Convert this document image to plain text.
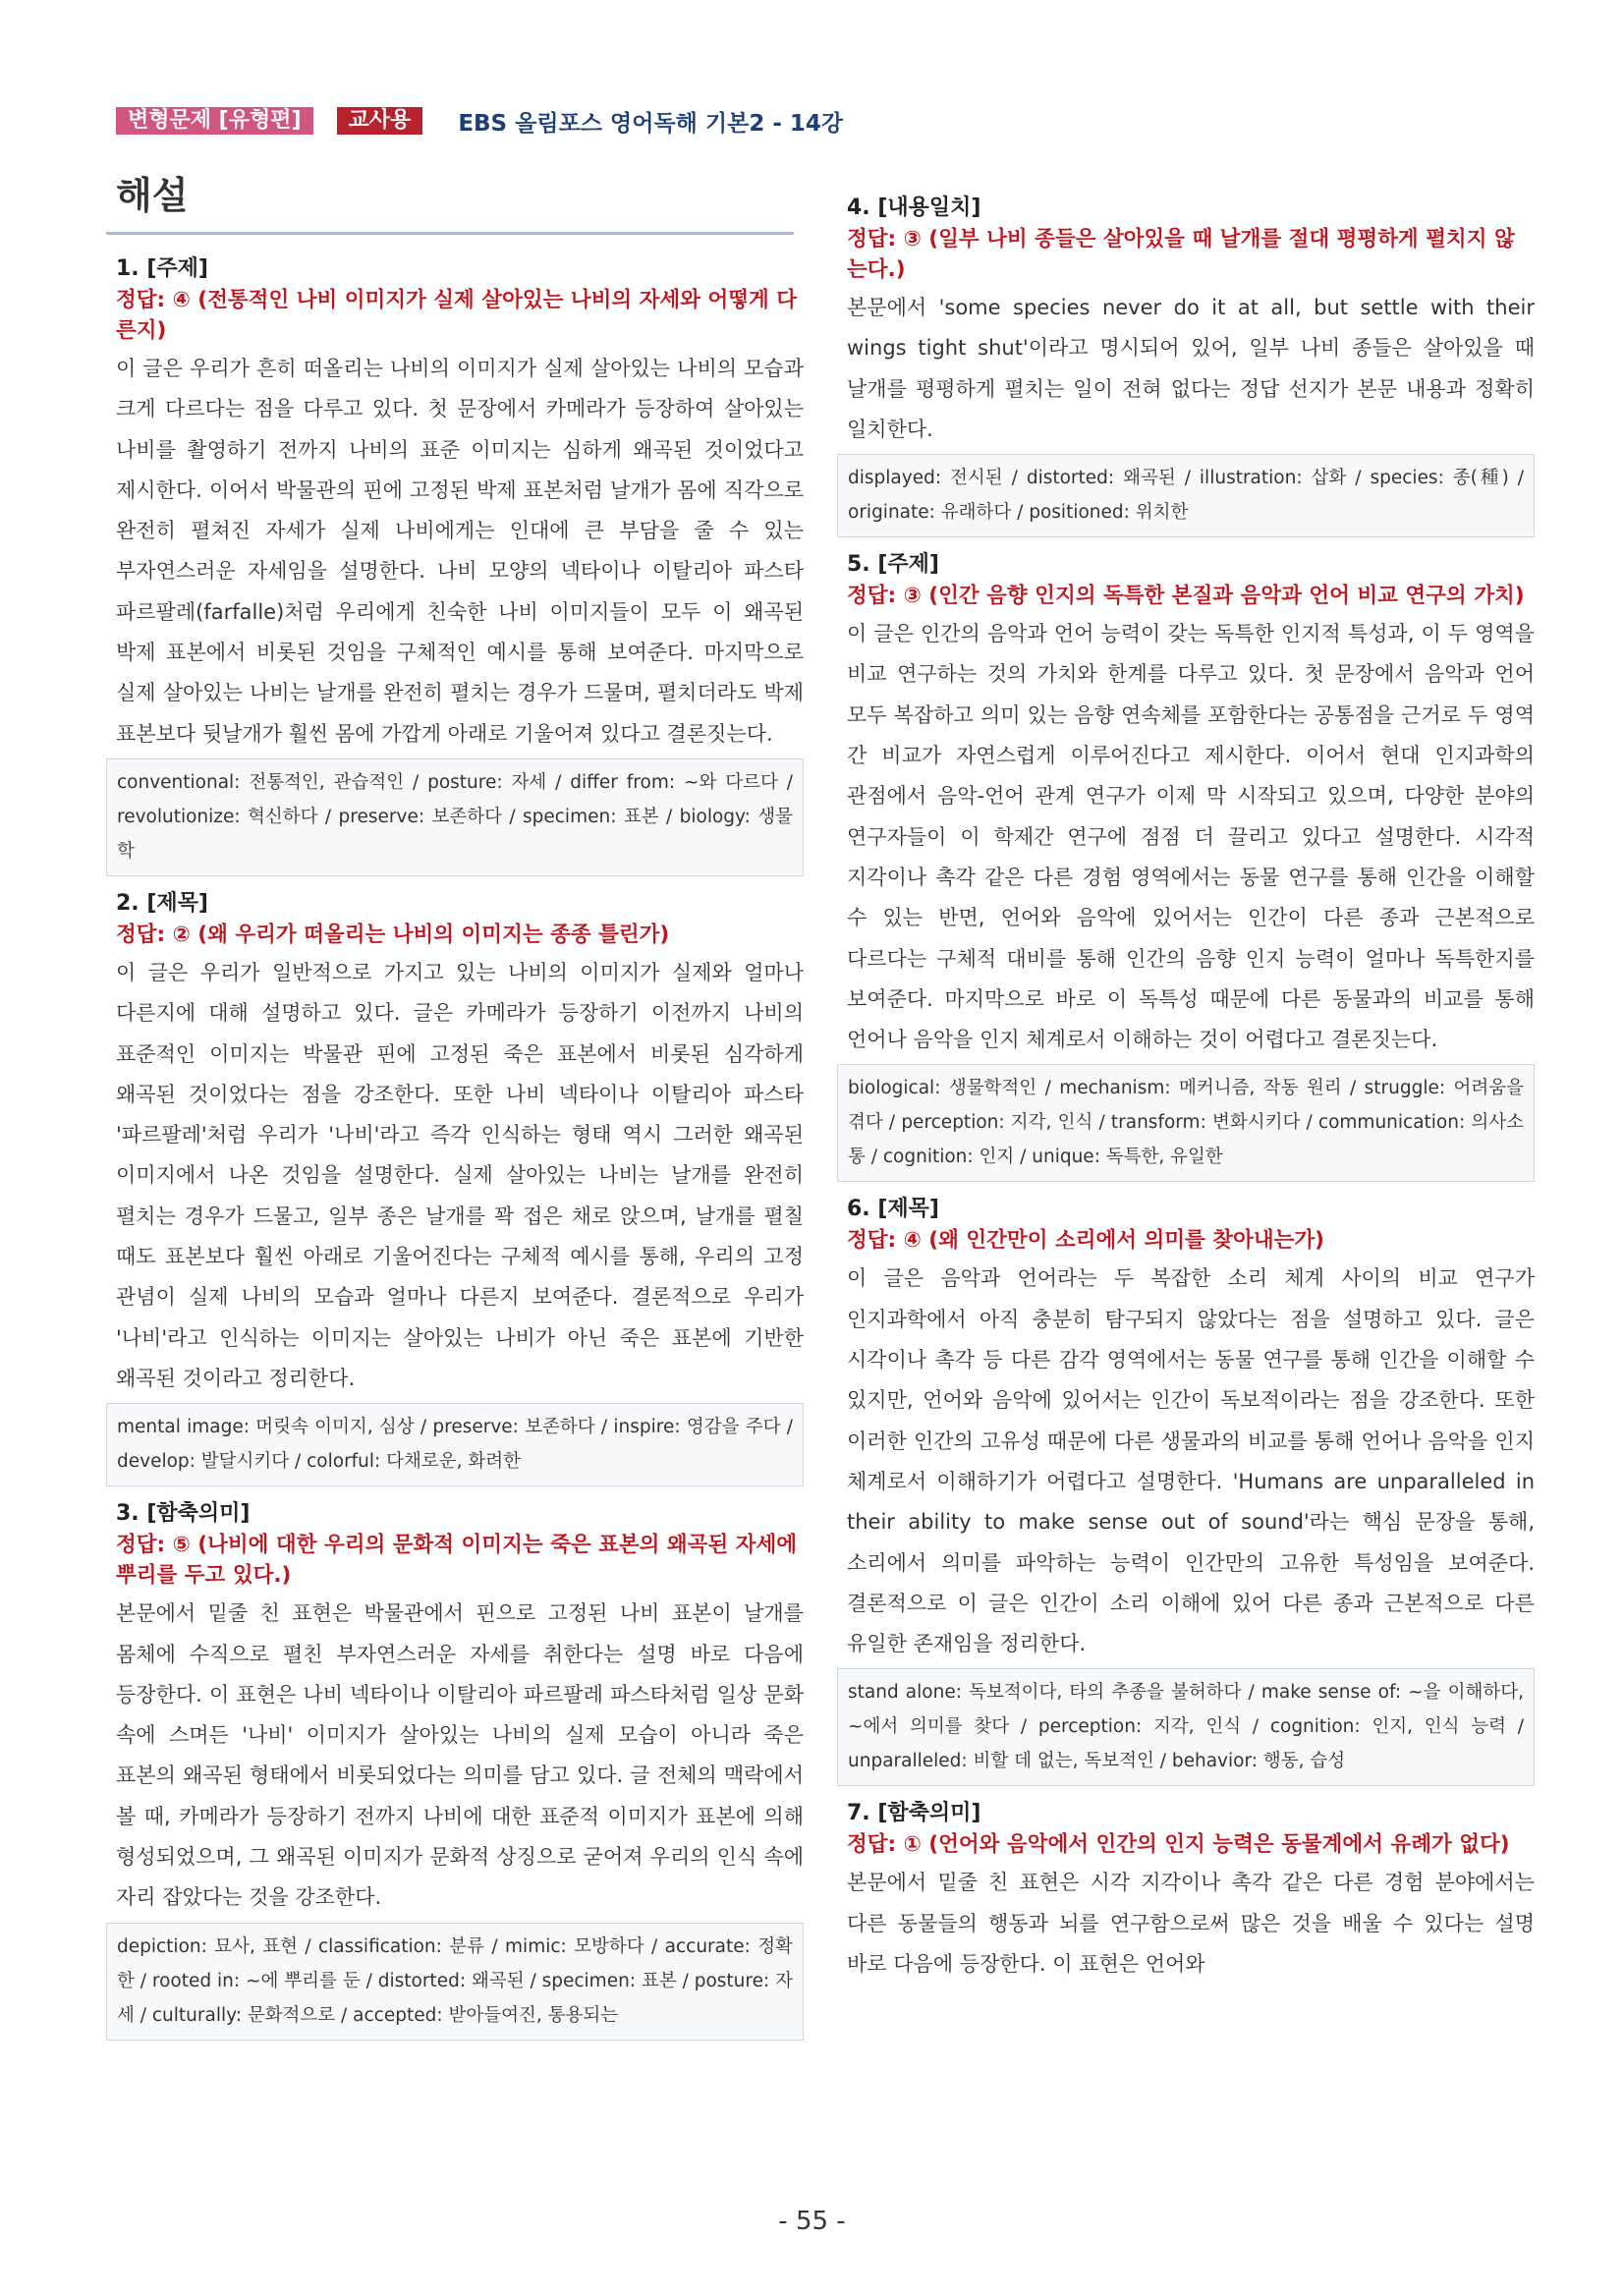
변형문제 [유형편]	교사용	EBS 올림포스 영어독해 기본2 - 14강
해설
1. [주제]
정답: ④ (전통적인 나비 이미지가 실제 살아있는 나비의 자세와 어떻게 다른지)
이 글은 우리가 흔히 떠올리는 나비의 이미지가 실제 살아있는 나비의 모습과 크게 다르다는 점을 다루고 있다. 첫 문장에서 카메라가 등장하여 살아있는 나비를 촬영하기 전까지 나비의 표준 이미지는 심하게 왜곡된 것이었다고 제시한다. 이어서 박물관의 핀에 고정된 박제 표본처럼 날개가 몸에 직각으로 완전히 펼쳐진 자세가 실제 나비에게는 인대에 큰 부담을 줄 수 있는 부자연스러운 자세임을 설명한다. 나비 모양의 넥타이나 이탈리아 파스타 파르팔레(farfalle)처럼 우리에게 친숙한 나비 이미지들이 모두 이 왜곡된 박제 표본에서 비롯된 것임을 구체적인 예시를 통해 보여준다. 마지막으로 실제 살아있는 나비는 날개를 완전히 펼치는 경우가 드물며, 펼치더라도 박제 표본보다 뒷날개가 훨씬 몸에 가깝게 아래로 기울어져 있다고 결론짓는다.
conventional: 전통적인, 관습적인 / posture: 자세 / differ from: ~와 다르다 / revolutionize: 혁신하다 / preserve: 보존하다 / specimen: 표본 / biology: 생물학
2. [제목]
정답: ② (왜 우리가 떠올리는 나비의 이미지는 종종 틀린가)
이 글은 우리가 일반적으로 가지고 있는 나비의 이미지가 실제와 얼마나 다른지에 대해 설명하고 있다. 글은 카메라가 등장하기 이전까지 나비의 표준적인 이미지는 박물관 핀에 고정된 죽은 표본에서 비롯된 심각하게 왜곡된 것이었다는 점을 강조한다. 또한 나비 넥타이나 이탈리아 파스타 '파르팔레'처럼 우리가 '나비'라고 즉각 인식하는 형태 역시 그러한 왜곡된 이미지에서 나온 것임을 설명한다. 실제 살아있는 나비는 날개를 완전히 펼치는 경우가 드물고, 일부 종은 날개를 꽉 접은 채로 앉으며, 날개를 펼칠 때도 표본보다 훨씬 아래로 기울어진다는 구체적 예시를 통해, 우리의 고정 관념이 실제 나비의 모습과 얼마나 다른지 보여준다. 결론적으로 우리가 '나비'라고 인식하는 이미지는 살아있는 나비가 아닌 죽은 표본에 기반한 왜곡된 것이라고 정리한다.
mental image: 머릿속 이미지, 심상 / preserve: 보존하다 / inspire: 영감을 주다 / develop: 발달시키다 / colorful: 다채로운, 화려한
3. [함축의미]
정답: ⑤ (나비에 대한 우리의 문화적 이미지는 죽은 표본의 왜곡된 자세에 뿌리를 두고 있다.)
본문에서 밑줄 친 표현은 박물관에서 핀으로 고정된 나비 표본이 날개를 몸체에 수직으로 펼친 부자연스러운 자세를 취한다는 설명 바로 다음에 등장한다. 이 표현은 나비 넥타이나 이탈리아 파르팔레 파스타처럼 일상 문화 속에 스며든 '나비' 이미지가 살아있는 나비의 실제 모습이 아니라 죽은 표본의 왜곡된 형태에서 비롯되었다는 의미를 담고 있다. 글 전체의 맥락에서 볼 때, 카메라가 등장하기 전까지 나비에 대한 표준적 이미지가 표본에 의해 형성되었으며, 그 왜곡된 이미지가 문화적 상징으로 굳어져 우리의 인식 속에 자리 잡았다는 것을 강조한다.
depiction: 묘사, 표현 / classification: 분류 / mimic: 모방하다 / accurate: 정확한 / rooted in: ~에 뿌리를 둔 / distorted: 왜곡된 / specimen: 표본 / posture: 자세 / culturally: 문화적으로 / accepted: 받아들여진, 통용되는
4. [내용일치]
정답: ③ (일부 나비 종들은 살아있을 때 날개를 절대 평평하게 펼치지 않는다.)
본문에서 'some species never do it at all, but settle with their wings tight shut'이라고 명시되어 있어, 일부 나비 종들은 살아있을 때 날개를 평평하게 펼치는 일이 전혀 없다는 정답 선지가 본문 내용과 정확히 일치한다.
displayed: 전시된 / distorted: 왜곡된 / illustration: 삽화 / species: 종(種) / originate: 유래하다 / positioned: 위치한
5. [주제]
정답: ③ (인간 음향 인지의 독특한 본질과 음악과 언어 비교 연구의 가치)
이 글은 인간의 음악과 언어 능력이 갖는 독특한 인지적 특성과, 이 두 영역을 비교 연구하는 것의 가치와 한계를 다루고 있다. 첫 문장에서 음악과 언어 모두 복잡하고 의미 있는 음향 연속체를 포함한다는 공통점을 근거로 두 영역 간 비교가 자연스럽게 이루어진다고 제시한다. 이어서 현대 인지과학의 관점에서 음악-언어 관계 연구가 이제 막 시작되고 있으며, 다양한 분야의 연구자들이 이 학제간 연구에 점점 더 끌리고 있다고 설명한다. 시각적 지각이나 촉각 같은 다른 경험 영역에서는 동물 연구를 통해 인간을 이해할 수 있는 반면, 언어와 음악에 있어서는 인간이 다른 종과 근본적으로 다르다는 구체적 대비를 통해 인간의 음향 인지 능력이 얼마나 독특한지를 보여준다. 마지막으로 바로 이 독특성 때문에 다른 동물과의 비교를 통해 언어나 음악을 인지 체계로서 이해하는 것이 어렵다고 결론짓는다.
biological: 생물학적인 / mechanism: 메커니즘, 작동 원리 / struggle: 어려움을 겪다 / perception: 지각, 인식 / transform: 변화시키다 / communication: 의사소통 / cognition: 인지 / unique: 독특한, 유일한
6. [제목]
정답: ④ (왜 인간만이 소리에서 의미를 찾아내는가)
이 글은 음악과 언어라는 두 복잡한 소리 체계 사이의 비교 연구가 인지과학에서 아직 충분히 탐구되지 않았다는 점을 설명하고 있다. 글은 시각이나 촉각 등 다른 감각 영역에서는 동물 연구를 통해 인간을 이해할 수 있지만, 언어와 음악에 있어서는 인간이 독보적이라는 점을 강조한다. 또한 이러한 인간의 고유성 때문에 다른 생물과의 비교를 통해 언어나 음악을 인지 체계로서 이해하기가 어렵다고 설명한다. 'Humans are unparalleled in their ability to make sense out of sound'라는 핵심 문장을 통해, 소리에서 의미를 파악하는 능력이 인간만의 고유한 특성임을 보여준다. 결론적으로 이 글은 인간이 소리 이해에 있어 다른 종과 근본적으로 다른 유일한 존재임을 정리한다.
stand alone: 독보적이다, 타의 추종을 불허하다 / make sense of: ~을 이해하다, ~에서 의미를 찾다 / perception: 지각, 인식 / cognition: 인지, 인식 능력 / unparalleled: 비할 데 없는, 독보적인 / behavior: 행동, 습성
7. [함축의미]
정답: ① (언어와 음악에서 인간의 인지 능력은 동물계에서 유례가 없다)
본문에서 밑줄 친 표현은 시각 지각이나 촉각 같은 다른 경험 분야에서는 다른 동물들의 행동과 뇌를 연구함으로써 많은 것을 배울 수 있다는 설명 바로 다음에 등장한다. 이 표현은 언어와
- 55 -
